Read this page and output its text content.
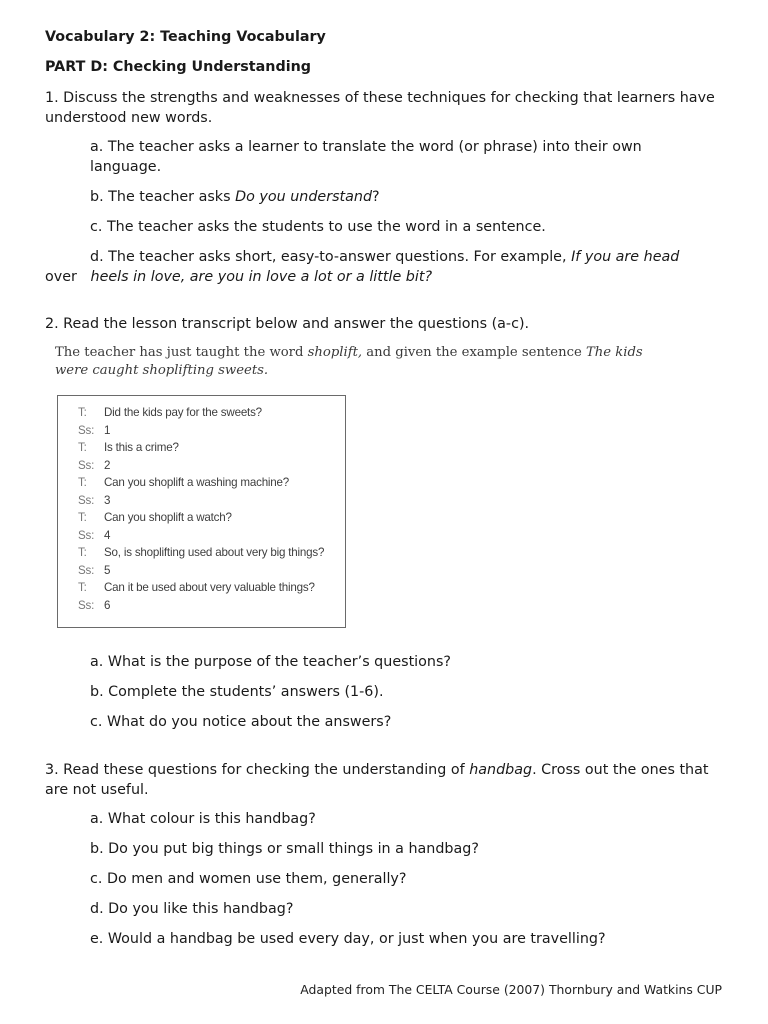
Vocabulary 2: Teaching Vocabulary
PART D: Checking Understanding
1. Discuss the strengths and weaknesses of these techniques for checking that learners have understood new words.
a. The teacher asks a learner to translate the word (or phrase) into their own
language.
b. The teacher asks Do you understand?
c. The teacher asks the students to use the word in a sentence.
d. The teacher asks short, easy-to-answer questions. For example, If you are head
over heels in love, are you in love a lot or a little bit?
2. Read the lesson transcript below and answer the questions (a-c).
The teacher has just taught the word shoplift, and given the example sentence The kids were caught shoplifting sweets.
T: Did the kids pay for the sweets?
Ss: 1
T: Is this a crime?
Ss: 2
T: Can you shoplift a washing machine?
Ss: 3
T: Can you shoplift a watch?
Ss: 4
T: So, is shoplifting used about very big things?
Ss: 5
T: Can it be used about very valuable things?
Ss: 6
a. What is the purpose of the teacher’s questions?
b. Complete the students’ answers (1-6).
c. What do you notice about the answers?
3. Read these questions for checking the understanding of handbag. Cross out the ones that are not useful.
a. What colour is this handbag?
b. Do you put big things or small things in a handbag?
c. Do men and women use them, generally?
d. Do you like this handbag?
e. Would a handbag be used every day, or just when you are travelling?
Adapted from The CELTA Course (2007) Thornbury and Watkins CUP
